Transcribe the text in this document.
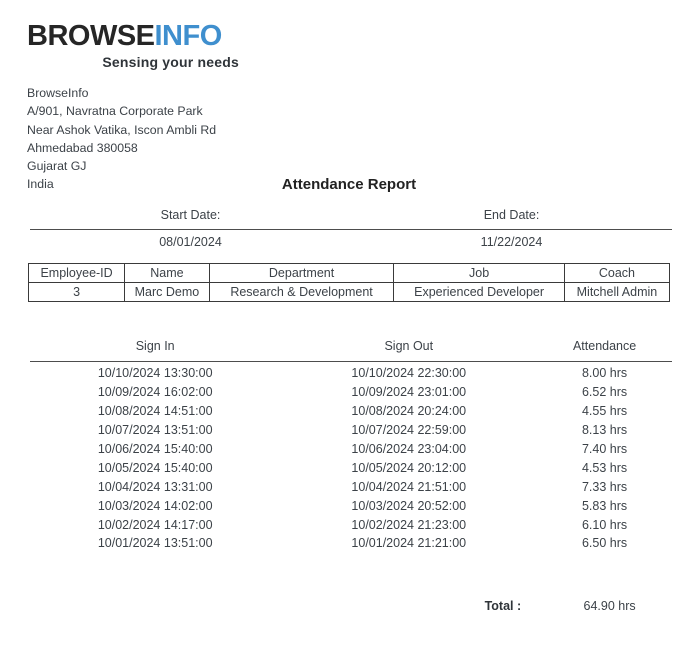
BROWSEINFO
Sensing your needs
BrowseInfo
A/901, Navratna Corporate Park
Near Ashok Vatika, Iscon Ambli Rd
Ahmedabad 380058
Gujarat GJ
India	Attendance Report
Start Date:	End Date:
08/01/2024	11/22/2024
Employee-ID	Name	Department	Job	Coach
3	Marc Demo	Research & Development	Experienced Developer	Mitchell Admin
Sign In	Sign Out	Attendance
10/10/2024 13:30:00	10/10/2024 22:30:00	8.00 hrs
10/09/2024 16:02:00	10/09/2024 23:01:00	6.52 hrs
10/08/2024 14:51:00	10/08/2024 20:24:00	4.55 hrs
10/07/2024 13:51:00	10/07/2024 22:59:00	8.13 hrs
10/06/2024 15:40:00	10/06/2024 23:04:00	7.40 hrs
10/05/2024 15:40:00	10/05/2024 20:12:00	4.53 hrs
10/04/2024 13:31:00	10/04/2024 21:51:00	7.33 hrs
10/03/2024 14:02:00	10/03/2024 20:52:00	5.83 hrs
10/02/2024 14:17:00	10/02/2024 21:23:00	6.10 hrs
10/01/2024 13:51:00	10/01/2024 21:21:00	6.50 hrs
Total :	64.90 hrs
